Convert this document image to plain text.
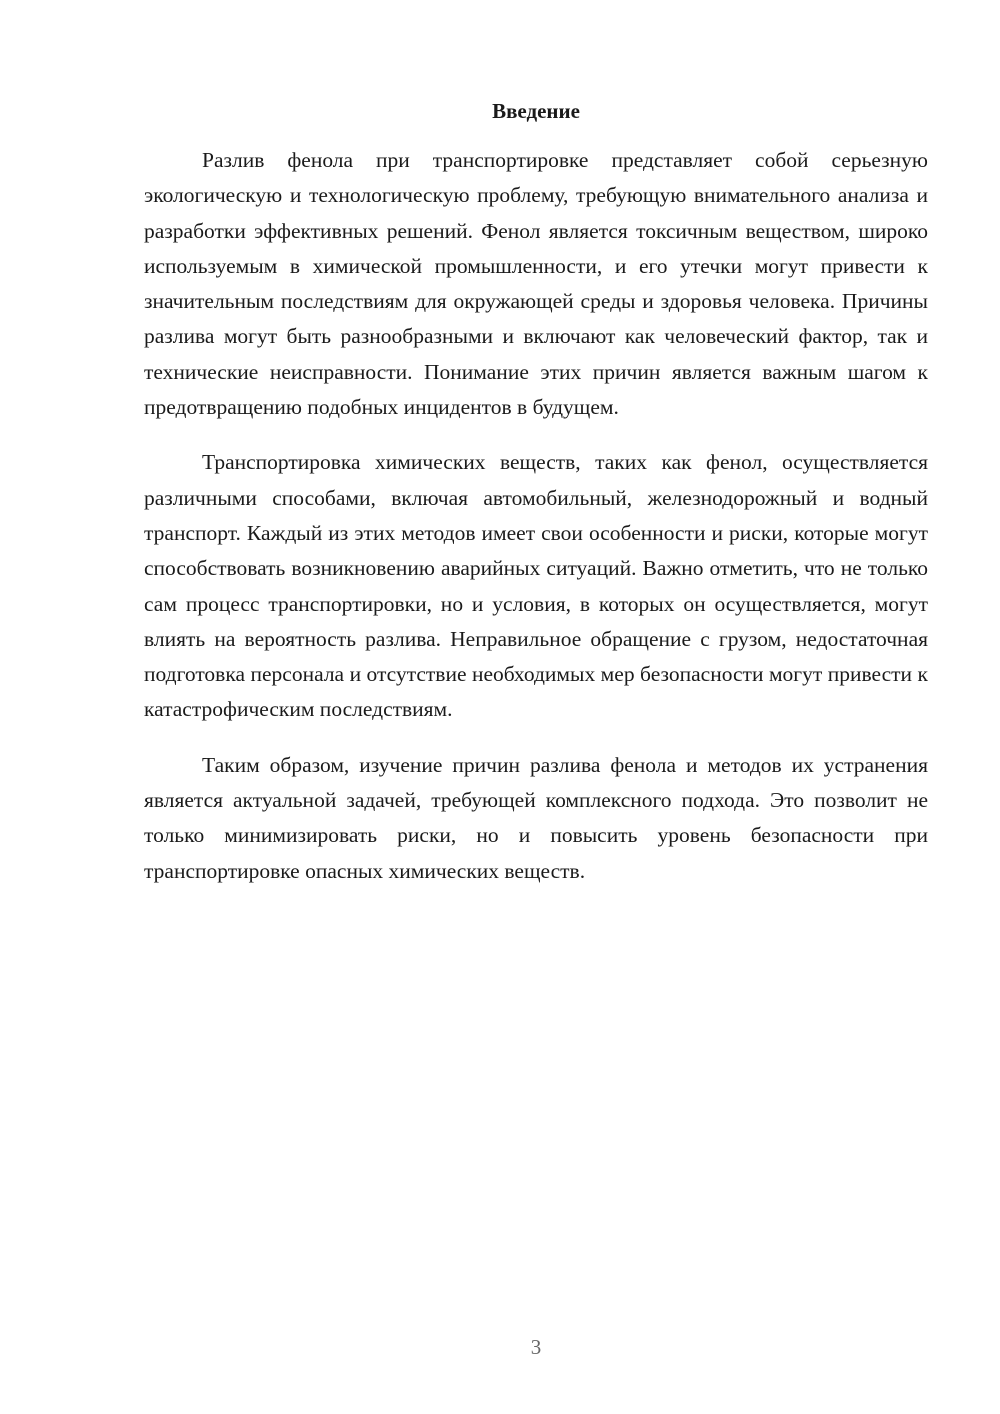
Введение

Разлив фенола при транспортировке представляет собой серьезную экологическую и технологическую проблему, требующую внимательного анализа и разработки эффективных решений. Фенол является токсичным веществом, широко используемым в химической промышленности, и его утечки могут привести к значительным последствиям для окружающей среды и здоровья человека. Причины разлива могут быть разнообразными и включают как человеческий фактор, так и технические неисправности. Понимание этих причин является важным шагом к предотвращению подобных инцидентов в будущем.

Транспортировка химических веществ, таких как фенол, осуществляется различными способами, включая автомобильный, железнодорожный и водный транспорт. Каждый из этих методов имеет свои особенности и риски, которые могут способствовать возникновению аварийных ситуаций. Важно отметить, что не только сам процесс транспортировки, но и условия, в которых он осуществляется, могут влиять на вероятность разлива. Неправильное обращение с грузом, недостаточная подготовка персонала и отсутствие необходимых мер безопасности могут привести к катастрофическим последствиям.

Таким образом, изучение причин разлива фенола и методов их устранения является актуальной задачей, требующей комплексного подхода. Это позволит не только минимизировать риски, но и повысить уровень безопасности при транспортировке опасных химических веществ.

3
